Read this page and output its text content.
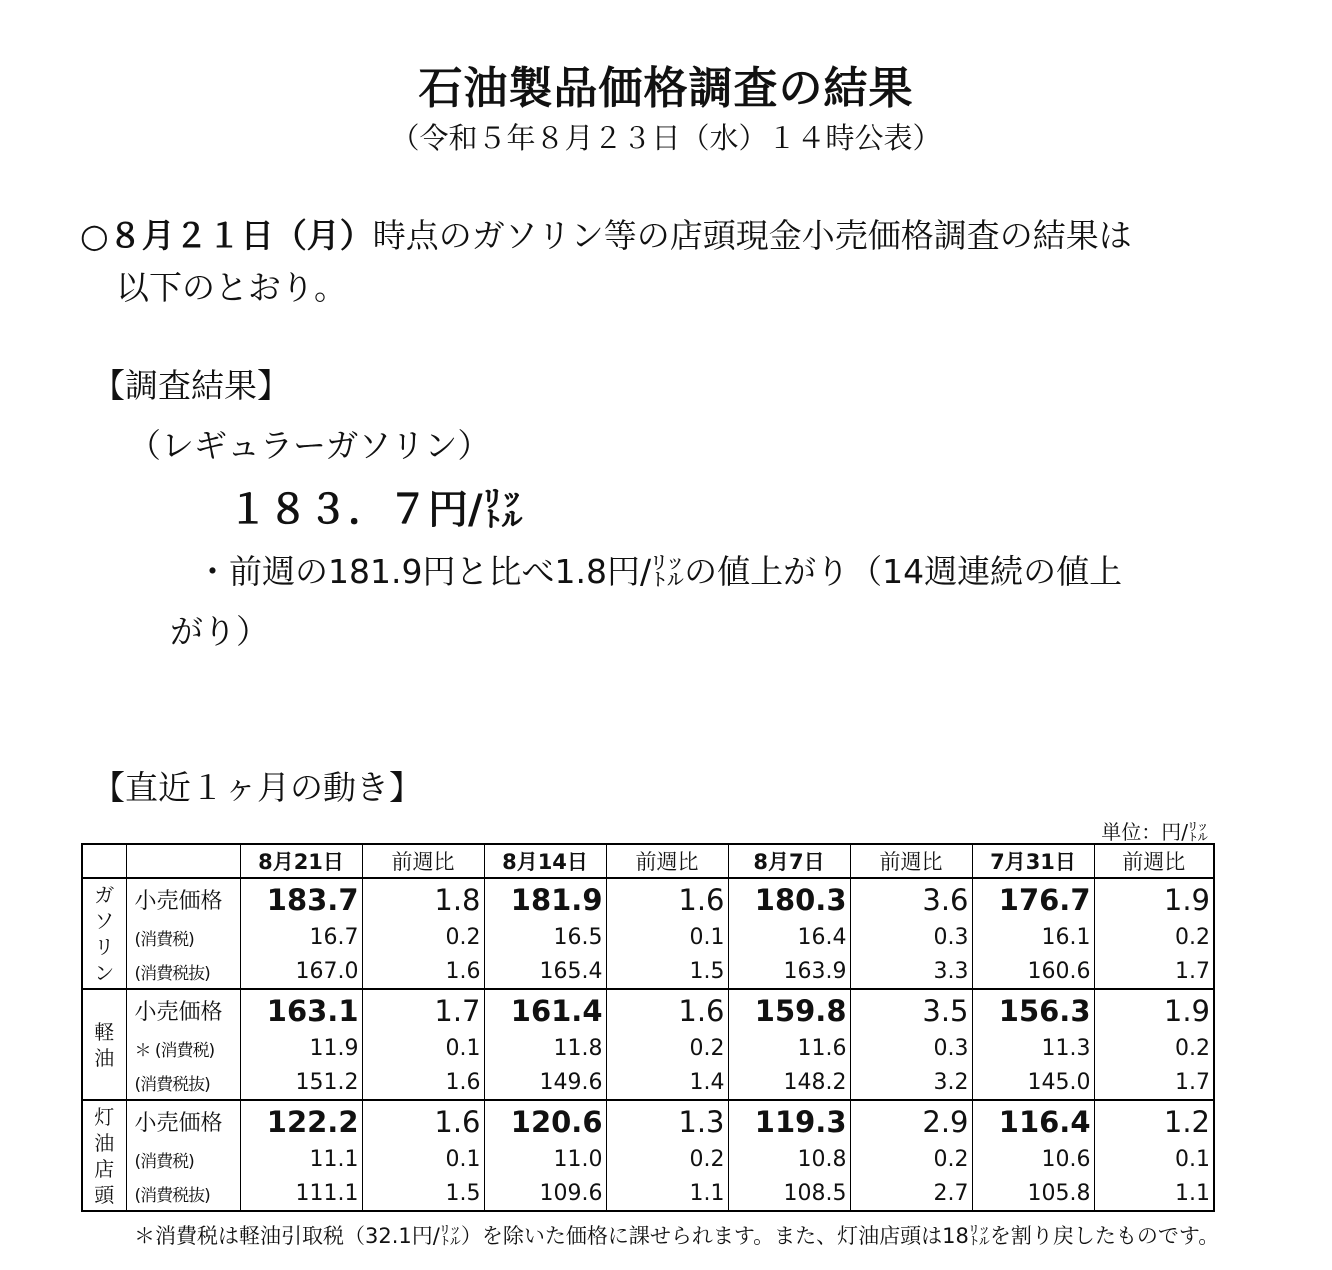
石油製品価格調査の結果
（令和５年８月２３日（水）１４時公表）
○８月２１日（月）時点のガソリン等の店頭現金小売価格調査の結果は
以下のとおり。
【調査結果】
（レギュラーガソリン）
１８３．７円/㍑
・前週の181.9円と比べ1.8円/㍑の値上がり（14週連続の値上
がり）
【直近１ヶ月の動き】
単位：円/㍑
		8月21日	前週比	8月14日	前週比	8月7日	前週比	7月31日	前週比
ガソリン	小売価格	183.7	1.8	181.9	1.6	180.3	3.6	176.7	1.9
	(消費税)	16.7	0.2	16.5	0.1	16.4	0.3	16.1	0.2
	(消費税抜)	167.0	1.6	165.4	1.5	163.9	3.3	160.6	1.7
軽油	小売価格	163.1	1.7	161.4	1.6	159.8	3.5	156.3	1.9
	＊ (消費税)	11.9	0.1	11.8	0.2	11.6	0.3	11.3	0.2
	(消費税抜)	151.2	1.6	149.6	1.4	148.2	3.2	145.0	1.7
灯油店頭	小売価格	122.2	1.6	120.6	1.3	119.3	2.9	116.4	1.2
	(消費税)	11.1	0.1	11.0	0.2	10.8	0.2	10.6	0.1
	(消費税抜)	111.1	1.5	109.6	1.1	108.5	2.7	105.8	1.1
＊消費税は軽油引取税（32.1円/㍑）を除いた価格に課せられます。また、灯油店頭は18㍑を割り戻したものです。
